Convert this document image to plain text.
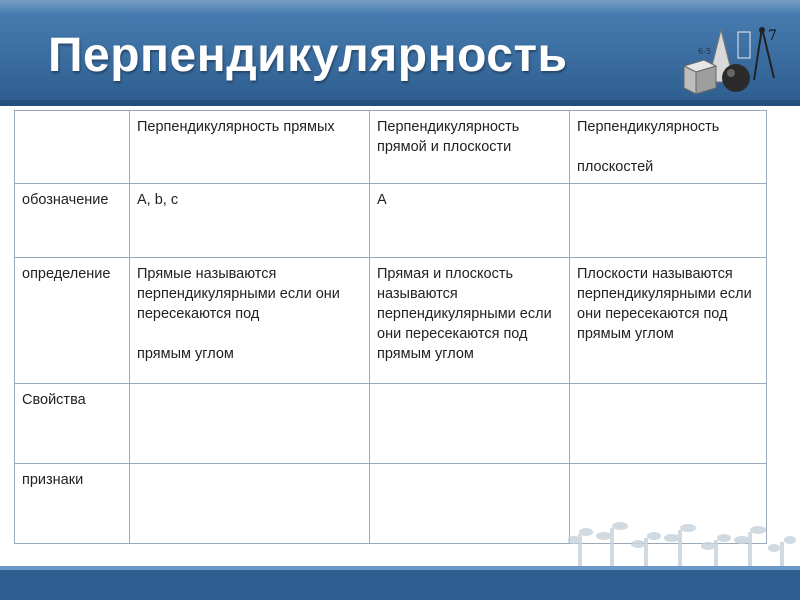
Перпендикулярность	7
6-5
	Перпендикулярность прямых	Перпендикулярность прямой и плоскости	Перпендикулярность

плоскостей
обозначение	A, b, c	A	
определение	Прямые называются перпендикулярными если они пересекаются под

прямым углом	Прямая и плоскость называются перпендикулярными если они пересекаются под прямым углом	Плоскости называются перпендикулярными если они пересекаются под прямым углом
Свойства			
признаки			
